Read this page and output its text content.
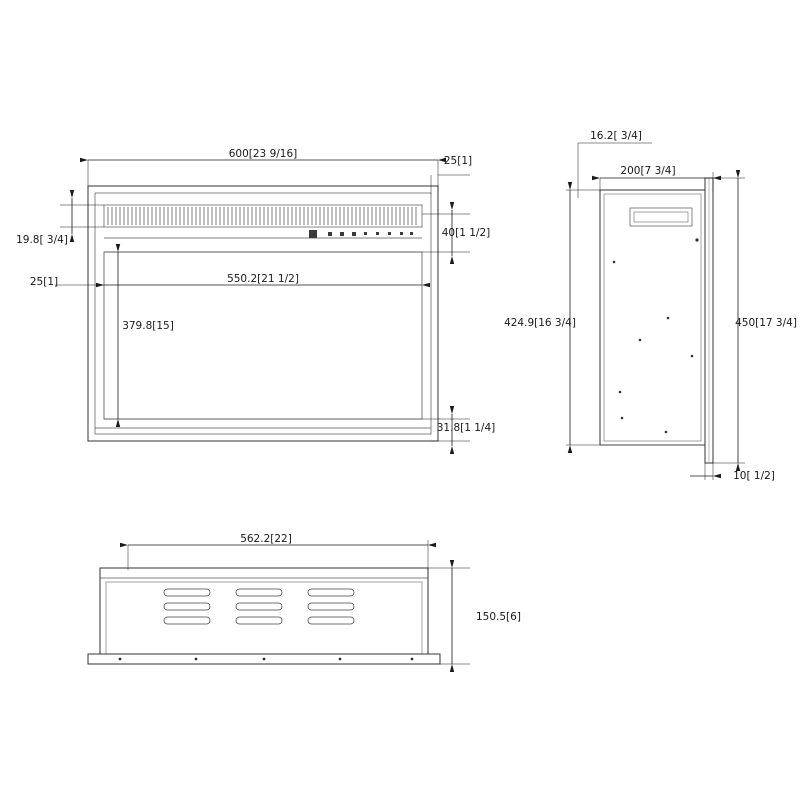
600[23 9/16]
25[1]
19.8[ 3/4]
40[1 1/2]
25[1]	550.2[21 1/2]
379.8[15]
31.8[1 1/4]
16.2[ 3/4]
200[7 3/4]
424.9[16 3/4]	450[17 3/4]
10[ 1/2]
562.2[22]
150.5[6]
